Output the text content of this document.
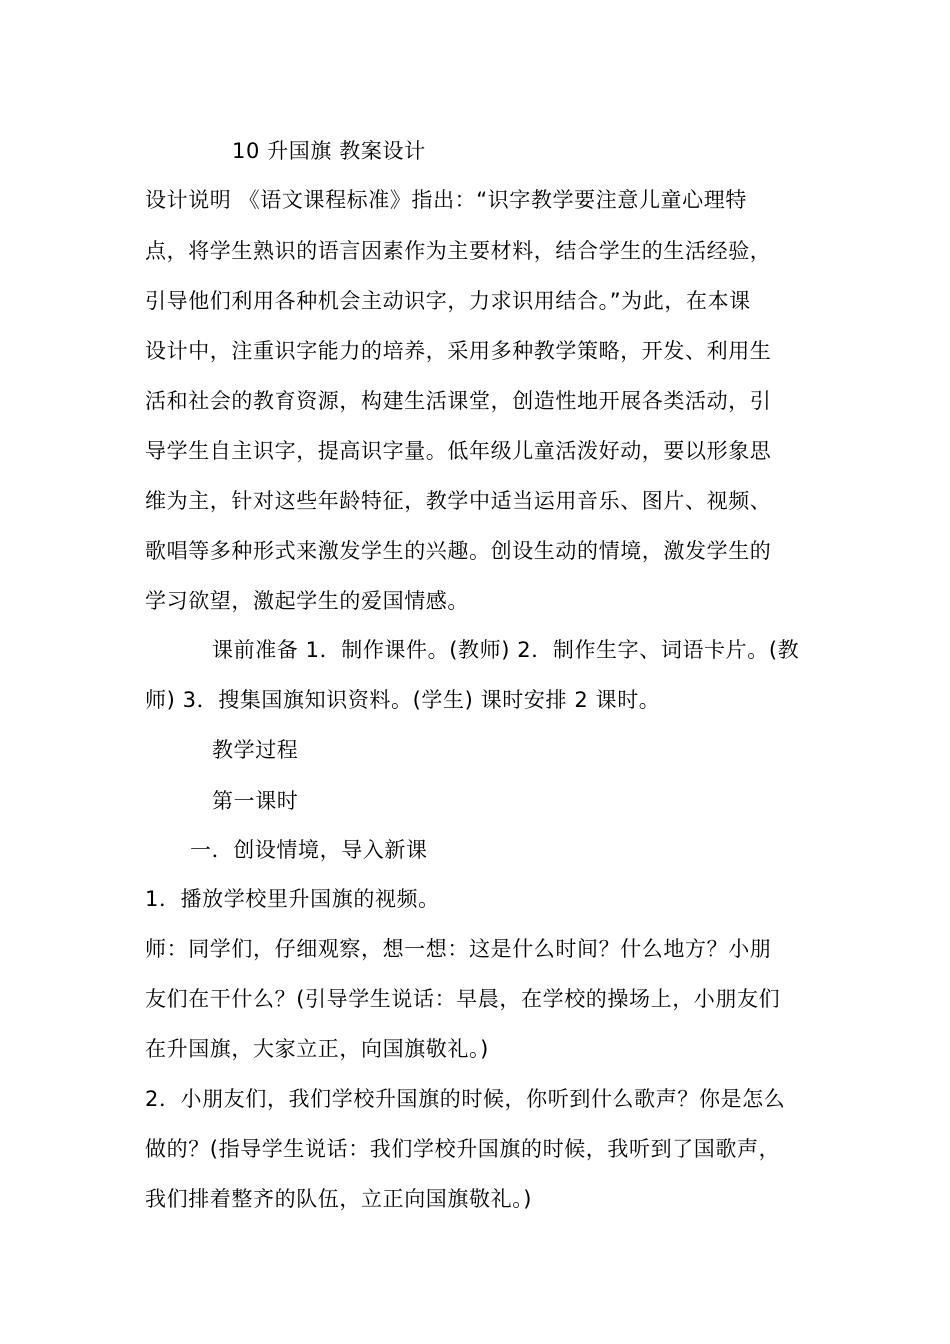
10 升国旗 教案设计
设计说明 《语文课程标准》指出：“识字教学要注意儿童心理特
点，将学生熟识的语言因素作为主要材料，结合学生的生活经验，
引导他们利用各种机会主动识字，力求识用结合。”为此，在本课
设计中，注重识字能力的培养，采用多种教学策略，开发、利用生
活和社会的教育资源，构建生活课堂，创造性地开展各类活动，引
导学生自主识字，提高识字量。低年级儿童活泼好动，要以形象思
维为主，针对这些年龄特征，教学中适当运用音乐、图片、视频、
歌唱等多种形式来激发学生的兴趣。创设生动的情境，激发学生的
学习欲望，激起学生的爱国情感。
课前准备 1．制作课件。(教师) 2．制作生字、词语卡片。(教
师) 3．搜集国旗知识资料。(学生) 课时安排 2 课时。
教学过程
第一课时
一．创设情境，导入新课
1．播放学校里升国旗的视频。
师：同学们，仔细观察，想一想：这是什么时间？什么地方？小朋
友们在干什么？(引导学生说话：早晨，在学校的操场上，小朋友们
在升国旗，大家立正，向国旗敬礼。)
2．小朋友们，我们学校升国旗的时候，你听到什么歌声？你是怎么
做的？(指导学生说话：我们学校升国旗的时候，我听到了国歌声，
我们排着整齐的队伍，立正向国旗敬礼。)
